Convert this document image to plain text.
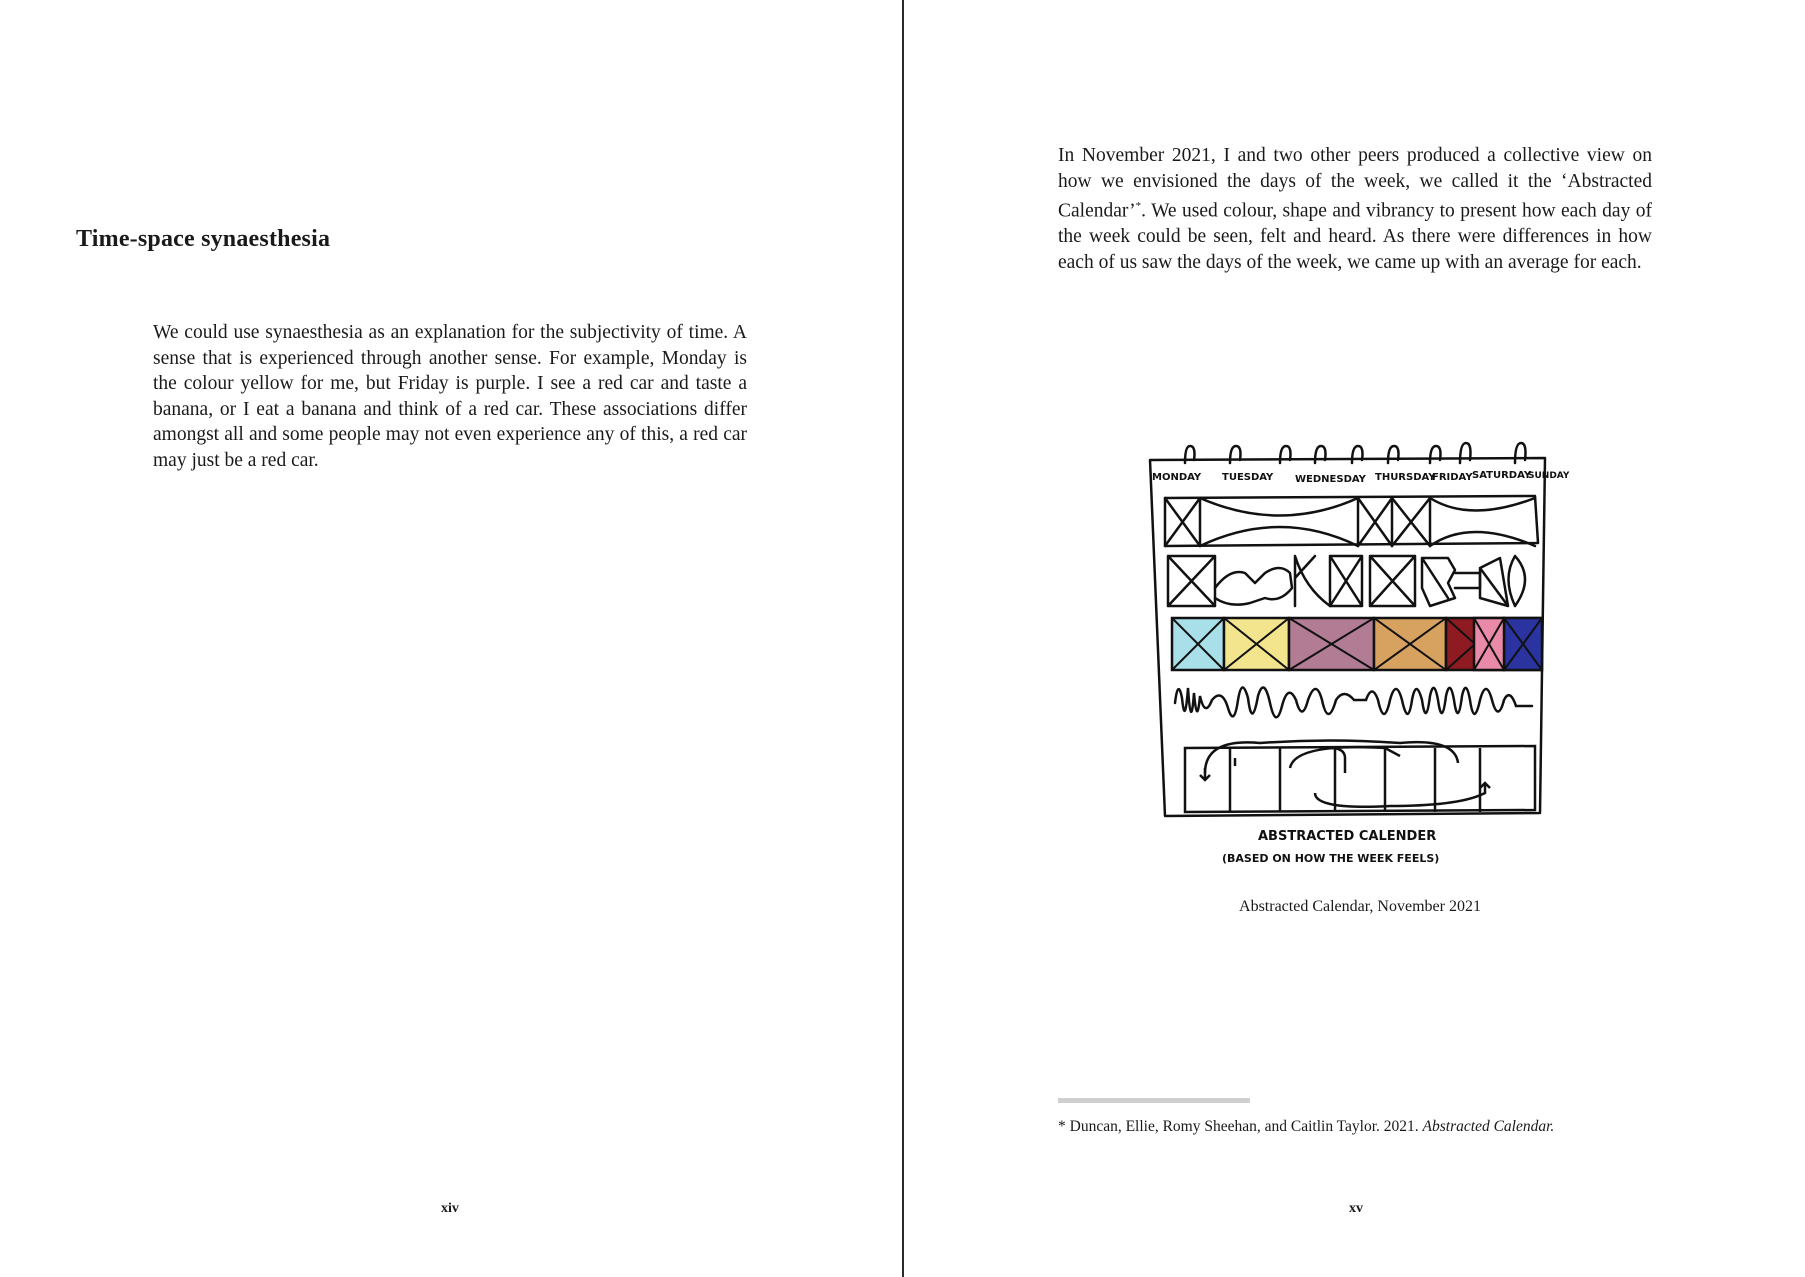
Time-space synaesthesia

We could use synaesthesia as an explanation for the subjectivity of time. A sense that is experienced through another sense. For example, Monday is the colour yellow for me, but Friday is purple. I see a red car and taste a banana, or I eat a banana and think of a red car. These associations differ amongst all and some people may not even experience any of this, a red car may just be a red car.

xiv

In November 2021, I and two other peers produced a collective view on how we envisioned the days of the week, we called it the ‘Abstracted Calendar’*. We used colour, shape and vibrancy to present how each day of the week could be seen, felt and heard. As there were differences in how each of us saw the days of the week, we came up with an average for each.

MONDAY TUESDAY WEDNESDAY THURSDAY
FRIDAY SATURDAY
SUNDAY
ABSTRACTED CALENDER
(BASED ON HOW THE WEEK FEELS)
Abstracted Calendar, November 2021
* Duncan, Ellie, Romy Sheehan, and Caitlin Taylor. 2021. Abstracted Calendar.
xv
